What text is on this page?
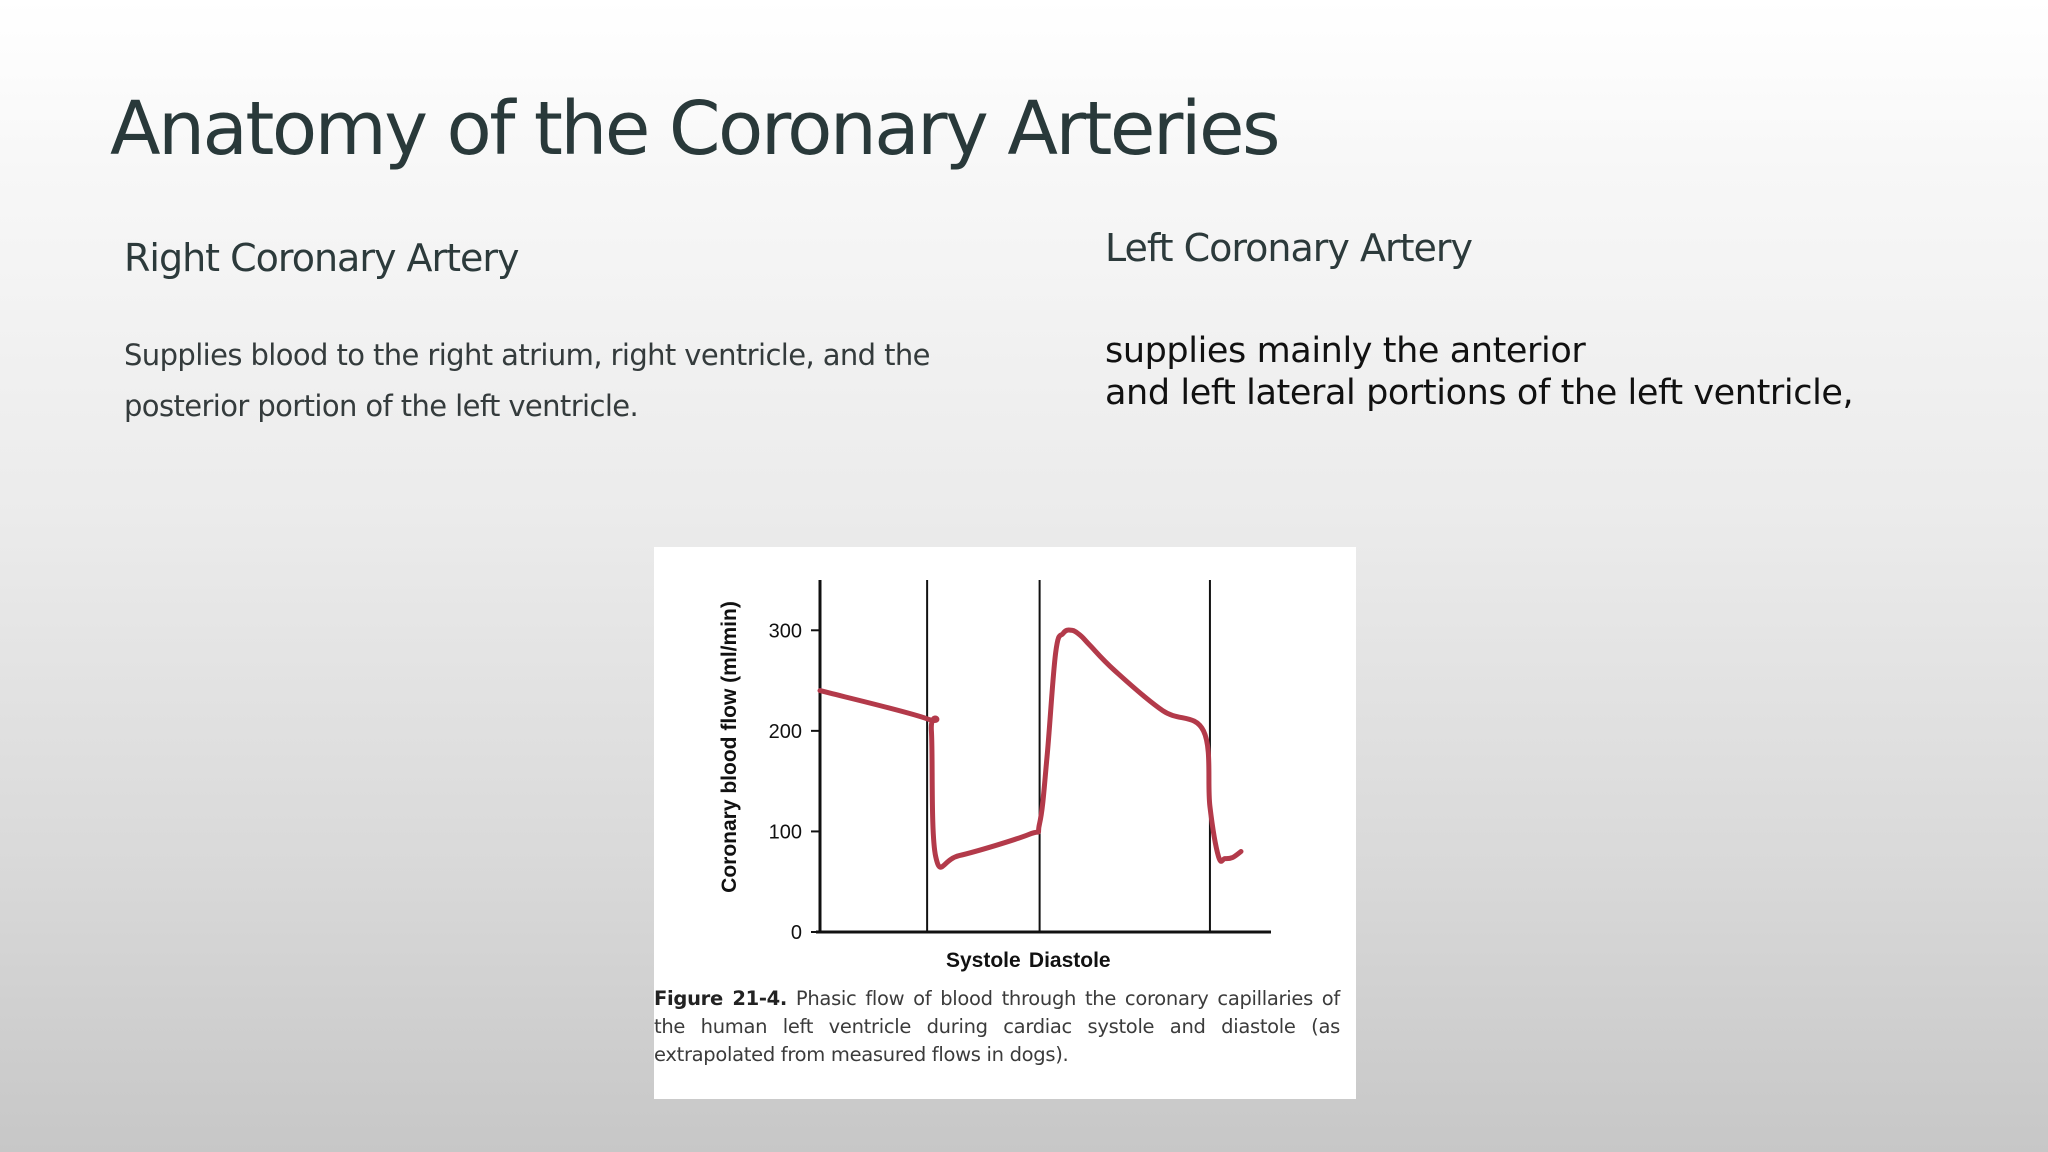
Anatomy of the Coronary Arteries
Right Coronary Artery

Supplies blood to the right atrium, right ventricle, and the posterior portion of the left ventricle.

Left Coronary Artery

supplies mainly the anterior
and left lateral portions of the left ventricle,

Coronary blood flow (ml/min)
0
100
200
300
Systole Diastole

Figure 21-4. Phasic flow of blood through the coronary capillaries of the human left ventricle during cardiac systole and diastole (as extrapolated from measured flows in dogs).
